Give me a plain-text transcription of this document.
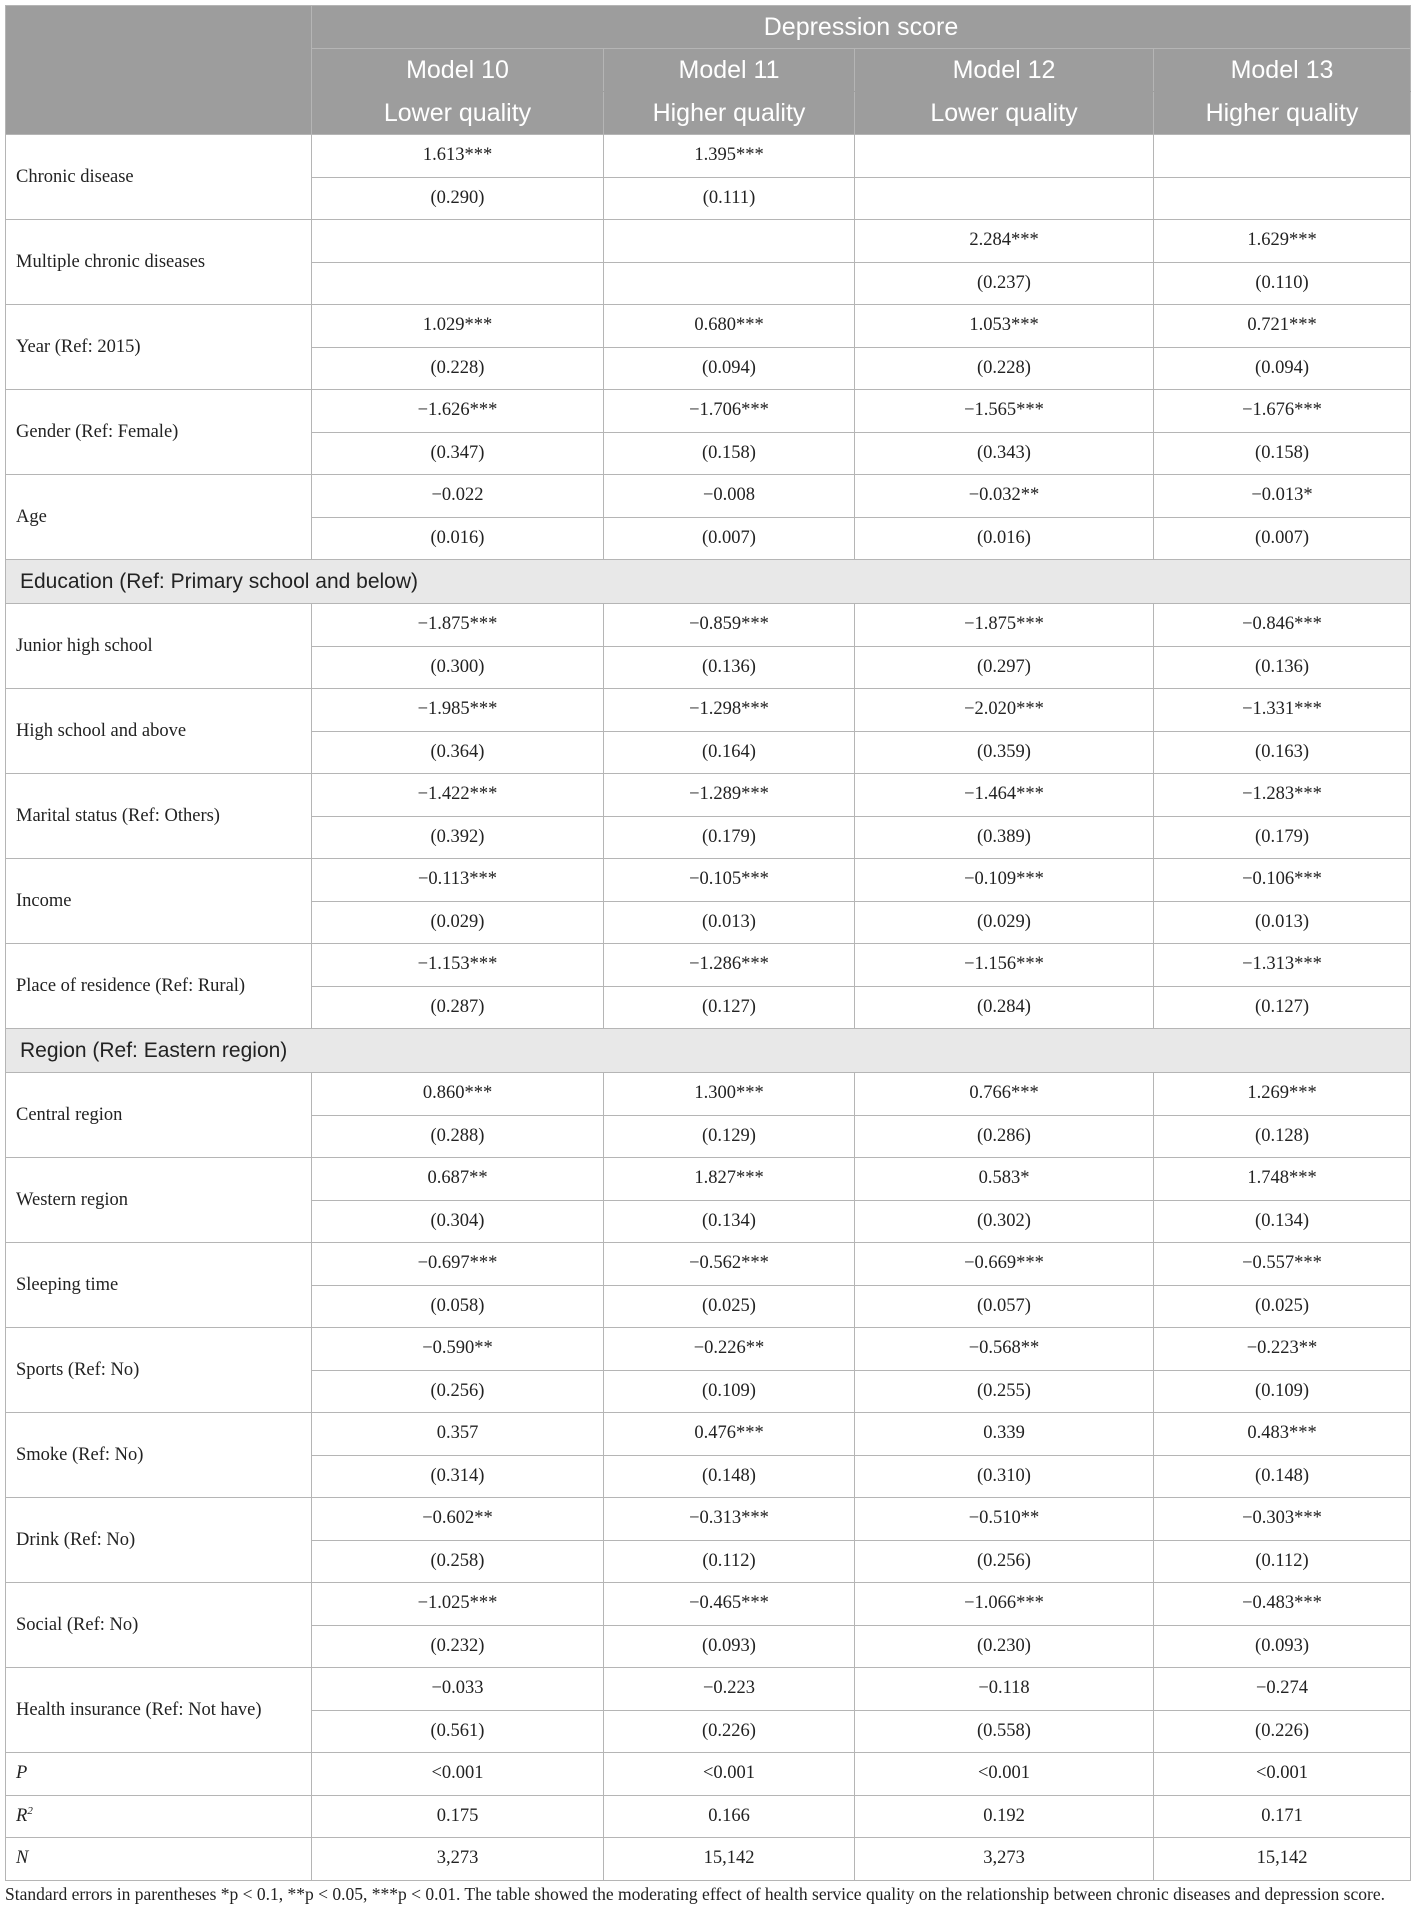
	Depression score			
	Model 10	Model 11	Model 12	Model 13
	Lower quality	Higher quality	Lower quality	Higher quality
Chronic disease	1.613***	1.395***		
	(0.290)	(0.111)		
Multiple chronic diseases			2.284***	1.629***
			(0.237)	(0.110)
Year (Ref: 2015)	1.029***	0.680***	1.053***	0.721***
	(0.228)	(0.094)	(0.228)	(0.094)
Gender (Ref: Female)	−1.626***	−1.706***	−1.565***	−1.676***
	(0.347)	(0.158)	(0.343)	(0.158)
Age	−0.022	−0.008	−0.032**	−0.013*
	(0.016)	(0.007)	(0.016)	(0.007)
Education (Ref: Primary school and below)				
Junior high school	−1.875***	−0.859***	−1.875***	−0.846***
	(0.300)	(0.136)	(0.297)	(0.136)
High school and above	−1.985***	−1.298***	−2.020***	−1.331***
	(0.364)	(0.164)	(0.359)	(0.163)
Marital status (Ref: Others)	−1.422***	−1.289***	−1.464***	−1.283***
	(0.392)	(0.179)	(0.389)	(0.179)
Income	−0.113***	−0.105***	−0.109***	−0.106***
	(0.029)	(0.013)	(0.029)	(0.013)
Place of residence (Ref: Rural)	−1.153***	−1.286***	−1.156***	−1.313***
	(0.287)	(0.127)	(0.284)	(0.127)
Region (Ref: Eastern region)				
Central region	0.860***	1.300***	0.766***	1.269***
	(0.288)	(0.129)	(0.286)	(0.128)
Western region	0.687**	1.827***	0.583*	1.748***
	(0.304)	(0.134)	(0.302)	(0.134)
Sleeping time	−0.697***	−0.562***	−0.669***	−0.557***
	(0.058)	(0.025)	(0.057)	(0.025)
Sports (Ref: No)	−0.590**	−0.226**	−0.568**	−0.223**
	(0.256)	(0.109)	(0.255)	(0.109)
Smoke (Ref: No)	0.357	0.476***	0.339	0.483***
	(0.314)	(0.148)	(0.310)	(0.148)
Drink (Ref: No)	−0.602**	−0.313***	−0.510**	−0.303***
	(0.258)	(0.112)	(0.256)	(0.112)
Social (Ref: No)	−1.025***	−0.465***	−1.066***	−0.483***
	(0.232)	(0.093)	(0.230)	(0.093)
Health insurance (Ref: Not have)	−0.033	−0.223	−0.118	−0.274
	(0.561)	(0.226)	(0.558)	(0.226)
P	<0.001	<0.001	<0.001	<0.001
$R^2$	0.175	0.166	0.192	0.171
N	3,273	15,142	3,273	15,142
Standard errors in parentheses *p < 0.1, **p < 0.05, ***p < 0.01. The table showed the moderating effect of health service quality on the relationship between chronic diseases and depression score.
